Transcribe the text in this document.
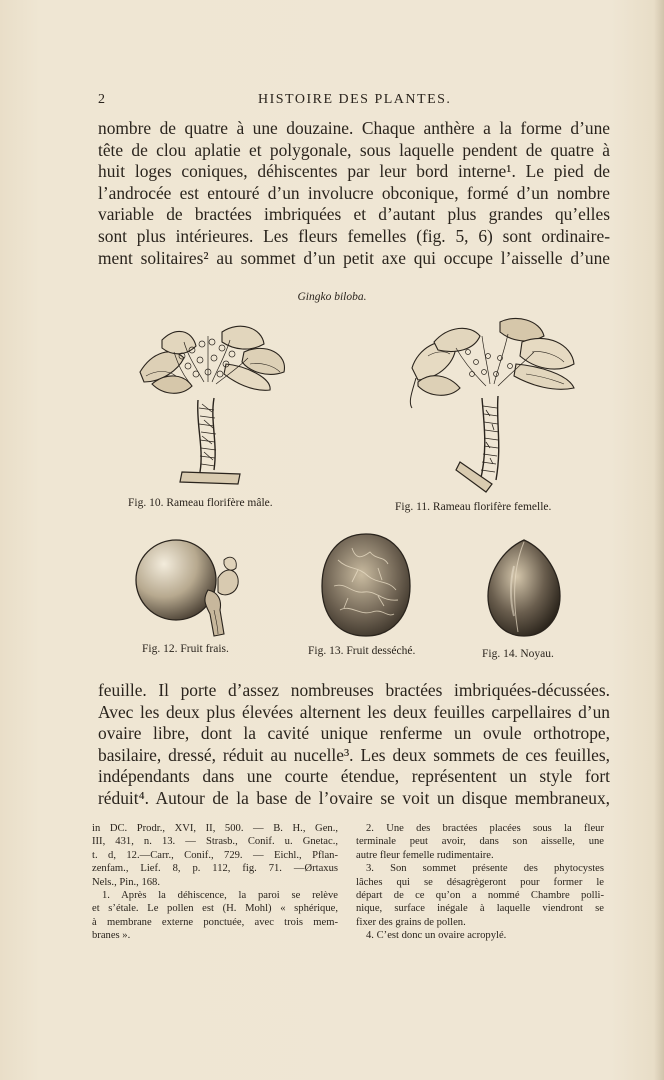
2	HISTOIRE DES PLANTES.

nombre de quatre à une douzaine. Chaque anthère a la forme d’une
tête de clou aplatie et polygonale, sous laquelle pendent de quatre à
huit loges coniques, déhiscentes par leur bord interne¹. Le pied de
l’androcée est entouré d’un involucre obconique, formé d’un nombre
variable de bractées imbriquées et d’autant plus grandes qu’elles
sont plus intérieures. Les fleurs femelles (fig. 5, 6) sont ordinaire-
ment solitaires² au sommet d’un petit axe qui occupe l’aisselle d’une

Gingko biloba.
Fig. 10. Rameau florifère mâle.	Fig. 11. Rameau florifère femelle.
Fig. 12. Fruit frais.	Fig. 13. Fruit desséché.	Fig. 14. Noyau.

feuille. Il porte d’assez nombreuses bractées imbriquées-décussées.
Avec les deux plus élevées alternent les deux feuilles carpellaires d’un
ovaire libre, dont la cavité unique renferme un ovule orthotrope,
basilaire, dressé, réduit au nucelle³. Les deux sommets de ces feuilles,
indépendants dans une courte étendue, représentent un style fort
réduit⁴. Autour de la base de l’ovaire se voit un disque membraneux,

in DC. Prodr., XVI, II, 500. — B. H., Gen.,
III, 431, n. 13. — Strasb., Conif. u. Gnetac.,
t. d, 12.—Carr., Conif., 729. — Eichl., Pflan-
zenfam., Lief. 8, p. 112, fig. 71. —Ørtaxus
Nels., Pin., 168.
1. Après la déhiscence, la paroi se relève
et s’étale. Le pollen est (H. Mohl) « sphérique,
à membrane externe ponctuée, avec trois mem-
branes ».
2. Une des bractées placées sous la fleur
terminale peut avoir, dans son aisselle, une
autre fleur femelle rudimentaire.
3. Son sommet présente des phytocystes
lâches qui se désagrègeront pour former le
départ de ce qu’on a nommé Chambre polli-
nique, surface inégale à laquelle viendront se
fixer des grains de pollen.
4. C’est donc un ovaire acropylé.
